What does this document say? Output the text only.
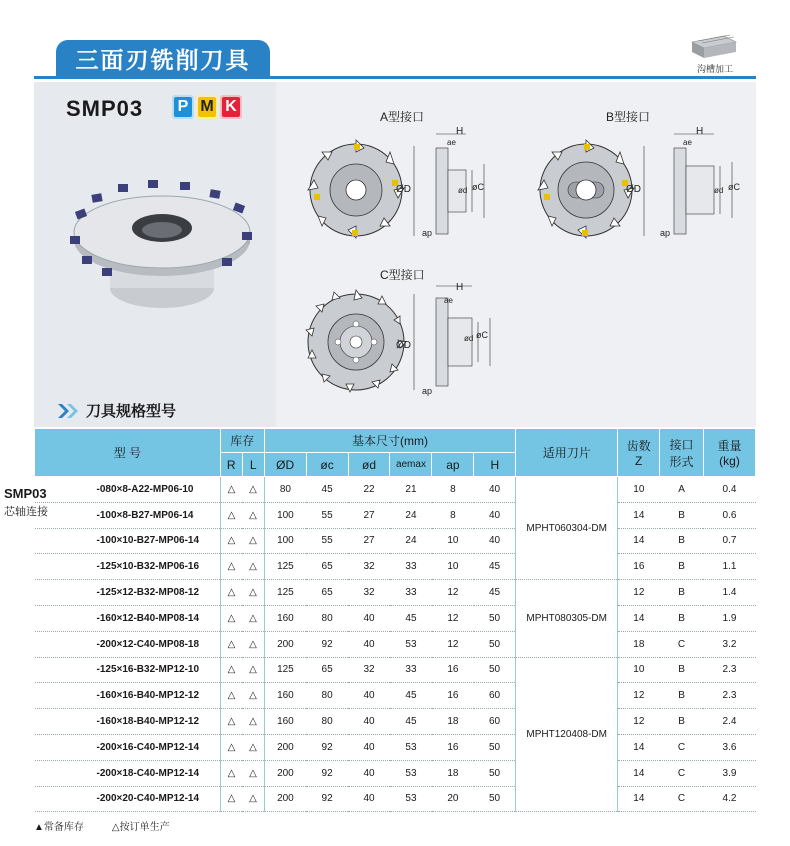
三面刃铣削刀具	沟槽加工
SMP03	P M K
刀具规格型号
A型接口
H
ØD
ae
ød øC
ap
B型接口
H
ØD
ae
ød øC
ap
C型接口
H
ØD
ae
ød øC
ap
型 号	库存		基本尺寸(mm)						适用刀片	齿数
Z	接口
形式	重量
(kg)
	R	L	ØD	øc	ød	aemax	ap	H				
-080×8-A22-MP06-10	△	△	80	45	22	21	8	40	MPHT060304-DM	10	A	0.4
-100×8-B27-MP06-14	△	△	100	55	27	24	8	40		14	B	0.6
-100×10-B27-MP06-14	△	△	100	55	27	24	10	40		14	B	0.7
-125×10-B32-MP06-16	△	△	125	65	32	33	10	45		16	B	1.1
-125×12-B32-MP08-12	△	△	125	65	32	33	12	45	MPHT080305-DM	12	B	1.4
-160×12-B40-MP08-14	△	△	160	80	40	45	12	50		14	B	1.9
-200×12-C40-MP08-18	△	△	200	92	40	53	12	50		18	C	3.2
-125×16-B32-MP12-10	△	△	125	65	32	33	16	50	MPHT120408-DM	10	B	2.3
-160×16-B40-MP12-12	△	△	160	80	40	45	16	60		12	B	2.3
-160×18-B40-MP12-12	△	△	160	80	40	45	18	60		12	B	2.4
-200×16-C40-MP12-14	△	△	200	92	40	53	16	50		14	C	3.6
-200×18-C40-MP12-14	△	△	200	92	40	53	18	50		14	C	3.9
-200×20-C40-MP12-14	△	△	200	92	40	53	20	50		14	C	4.2
SMP03
芯轴连接
▲常备库存	△按订单生产
